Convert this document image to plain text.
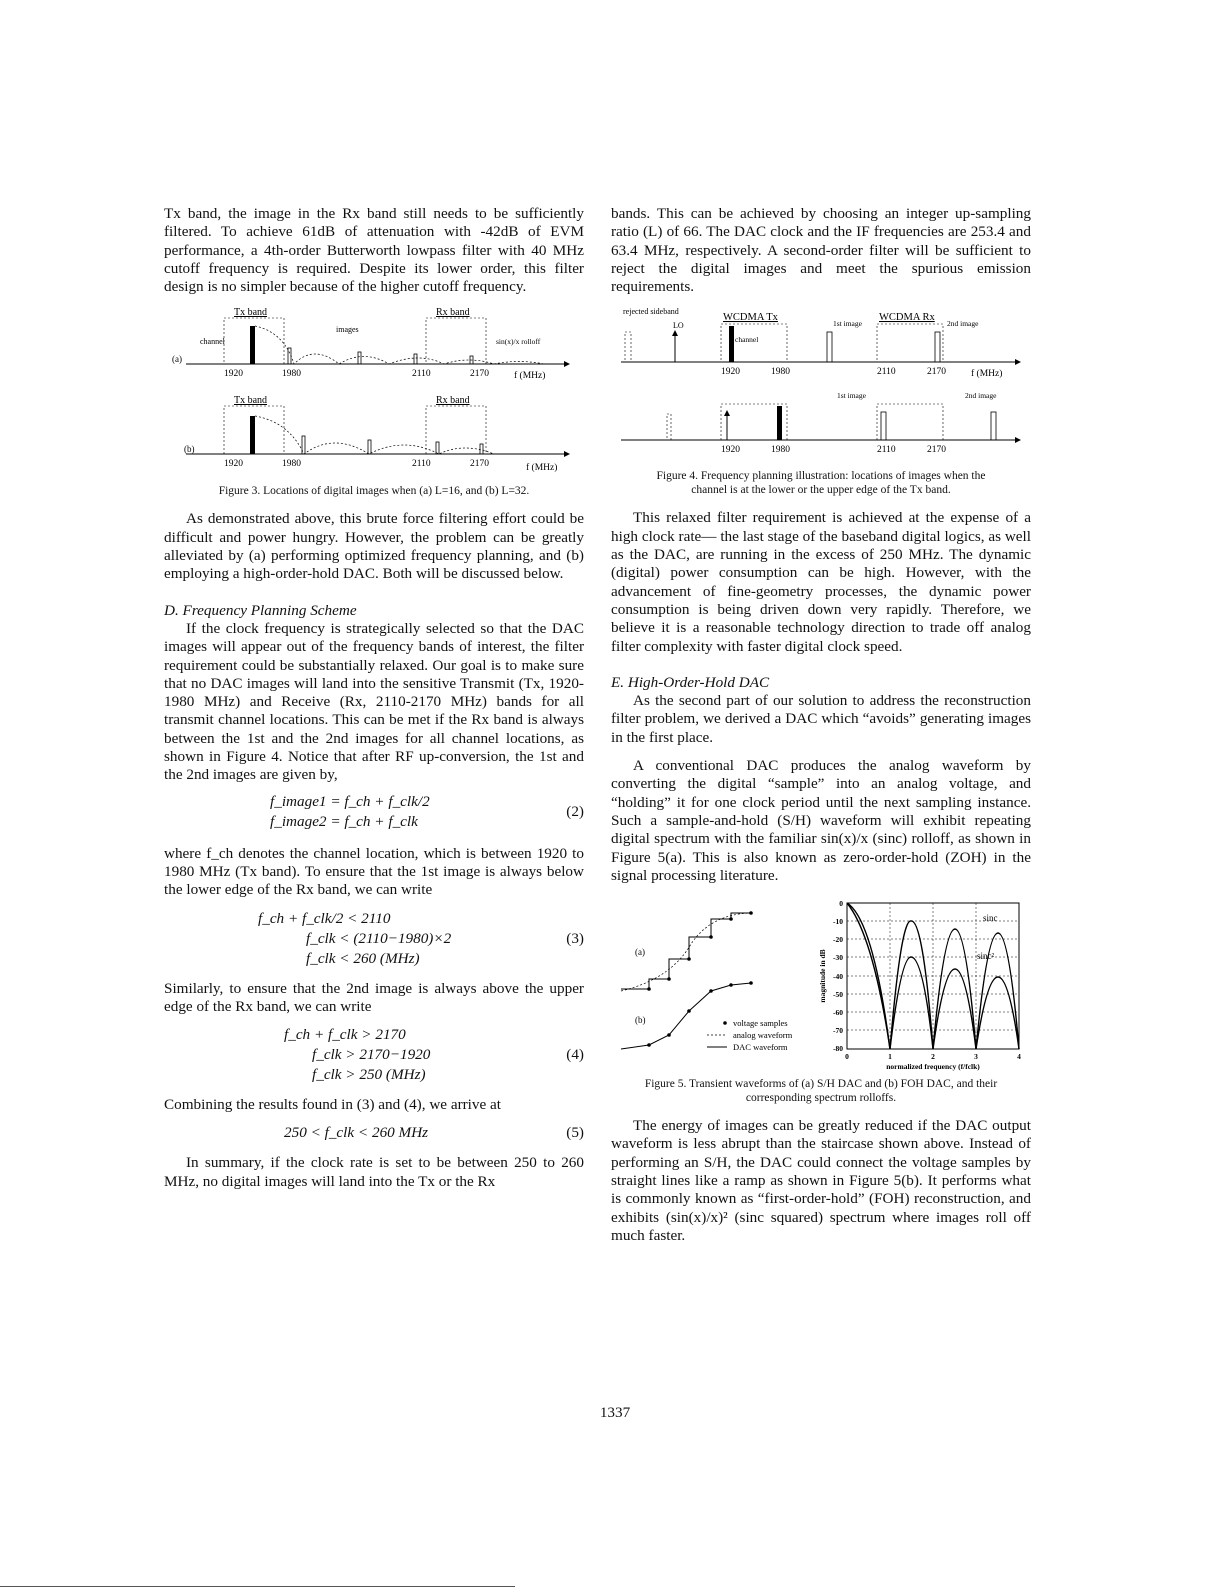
Tx band, the image in the Rx band still needs to be sufficiently filtered. To achieve 61dB of attenuation with -42dB of EVM performance, a 4th-order Butterworth lowpass filter with 40 MHz cutoff frequency is required. Despite its lower order, this filter design is no simpler because of the higher cutoff frequency.

(a)
Tx band	Rx band
channel
images
sin(x)/x rolloff
1920	1980	2110	2170	f (MHz)
(b)
Tx band	Rx band
1920	1980	2110	2170	f (MHz)

Figure 3. Locations of digital images when (a) L=16, and (b) L=32.

As demonstrated above, this brute force filtering effort could be difficult and power hungry. However, the problem can be greatly alleviated by (a) performing optimized frequency planning, and (b) employing a high-order-hold DAC. Both will be discussed below.

D. Frequency Planning Scheme

If the clock frequency is strategically selected so that the DAC images will appear out of the frequency bands of interest, the filter requirement could be substantially relaxed. Our goal is to make sure that no DAC images will land into the sensitive Transmit (Tx, 1920-1980 MHz) and Receive (Rx, 2110-2170 MHz) bands for all transmit channel locations. This can be met if the Rx band is always between the 1st and the 2nd images for all channel locations, as shown in Figure 4. Notice that after RF up-conversion, the 1st and the 2nd images are given by,

f_image1 = f_ch + f_clk/2
f_image2 = f_ch + f_clk
(2)

where f_ch denotes the channel location, which is between 1920 to 1980 MHz (Tx band). To ensure that the 1st image is always below the lower edge of the Rx band, we can write

f_ch + f_clk/2 < 2110
f_clk < (2110−1980)×2
f_clk < 260 (MHz)
(3)

Similarly, to ensure that the 2nd image is always above the upper edge of the Rx band, we can write

f_ch + f_clk > 2170
f_clk > 2170−1920
f_clk > 250 (MHz)
(4)

Combining the results found in (3) and (4), we arrive at

250 < f_clk < 260 MHz	(5)

In summary, if the clock rate is set to be between 250 to 260 MHz, no digital images will land into the Tx or the Rx

bands. This can be achieved by choosing an integer up-sampling ratio (L) of 66. The DAC clock and the IF frequencies are 253.4 and 63.4 MHz, respectively. A second-order filter will be sufficient to reject the digital images and meet the spurious emission requirements.

rejected sideband
LO
WCDMA Tx	WCDMA Rx
channel
1st image	2nd image
1920	1980	2110	2170	f (MHz)
1st image	2nd image
1920	1980	2110	2170

Figure 4. Frequency planning illustration: locations of images when the channel is at the lower or the upper edge of the Tx band.

This relaxed filter requirement is achieved at the expense of a high clock rate— the last stage of the baseband digital logics, as well as the DAC, are running in the excess of 250 MHz. The dynamic (digital) power consumption can be high. However, with the advancement of fine-geometry processes, the dynamic power consumption is being driven down very rapidly. Therefore, we believe it is a reasonable technology direction to trade off analog filter complexity with faster digital clock speed.

E. High-Order-Hold DAC

As the second part of our solution to address the reconstruction filter problem, we derived a DAC which “avoids” generating images in the first place.

A conventional DAC produces the analog waveform by converting the digital “sample” into an analog voltage, and “holding” it for one clock period until the next sampling instance. Such a sample-and-hold (S/H) waveform will exhibit repeating digital spectrum with the familiar sin(x)/x (sinc) rolloff, as shown in Figure 5(a). This is also known as zero-order-hold (ZOH) in the signal processing literature.

(a)
(b)	voltage samples
analog waveform
DAC waveform
sinc
sinc²
0
-10
-20
-30
-40
-50
-60
-70
-80
0	1	2	3	4
normalized frequency (f/fclk)
magnitude in dB

Figure 5. Transient waveforms of (a) S/H DAC and (b) FOH DAC, and their corresponding spectrum rolloffs.

The energy of images can be greatly reduced if the DAC output waveform is less abrupt than the staircase shown above. Instead of performing an S/H, the DAC could connect the voltage samples by straight lines like a ramp as shown in Figure 5(b). It performs what is commonly known as “first-order-hold” (FOH) reconstruction, and exhibits (sin(x)/x)² (sinc squared) spectrum where images roll off much faster.

1337
